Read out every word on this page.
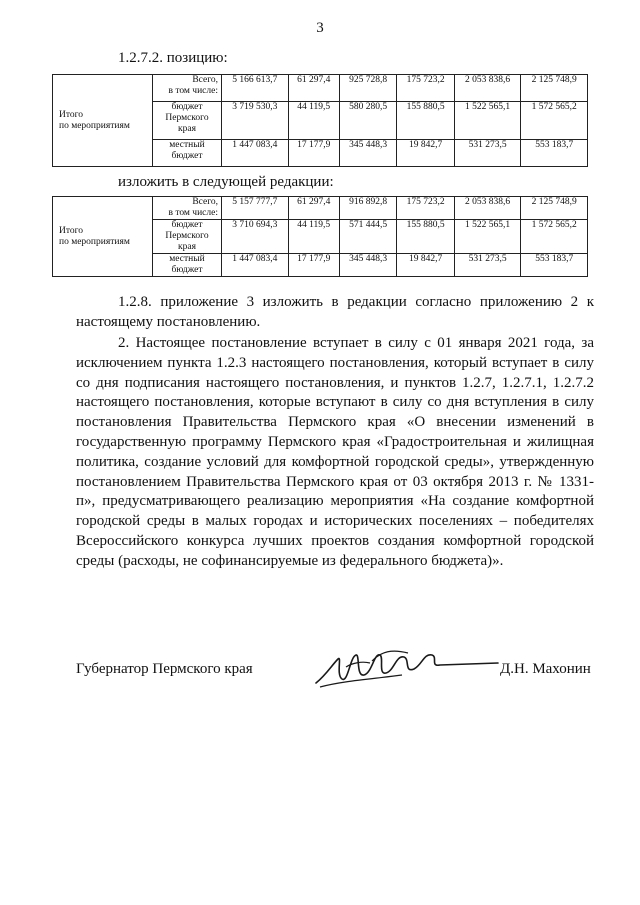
3
1.2.7.2. позицию:
Итого
по мероприятиям	Всего,
в том числе:	5 166 613,7	61 297,4	925 728,8	175 723,2	2 053 838,6	2 125 748,9
	бюджет
Пермского
края	3 719 530,3	44 119,5	580 280,5	155 880,5	1 522 565,1	1 572 565,2
	местный
бюджет	1 447 083,4	17 177,9	345 448,3	19 842,7	531 273,5	553 183,7
изложить в следующей редакции:
Итого
по мероприятиям	Всего,
в том числе:	5 157 777,7	61 297,4	916 892,8	175 723,2	2 053 838,6	2 125 748,9
	бюджет
Пермского
края	3 710 694,3	44 119,5	571 444,5	155 880,5	1 522 565,1	1 572 565,2
	местный
бюджет	1 447 083,4	17 177,9	345 448,3	19 842,7	531 273,5	553 183,7

1.2.8. приложение 3 изложить в редакции согласно приложению 2 к настоящему постановлению.

2. Настоящее постановление вступает в силу с 01 января 2021 года, за исключением пункта 1.2.3 настоящего постановления, который вступает в силу со дня подписания настоящего постановления, и пунктов 1.2.7, 1.2.7.1, 1.2.7.2 настоящего постановления, которые вступают в силу со дня вступления в силу постановления Правительства Пермского края «О внесении изменений в государственную программу Пермского края «Градостроительная и жилищная политика, создание условий для комфортной городской среды», утвержденную постановлением Правительства Пермского края от 03 октября 2013 г. № 1331-п», предусматривающего реализацию мероприятия «На создание комфортной городской среды в малых городах и исторических поселениях – победителях Всероссийского конкурса лучших проектов создания комфортной городской среды (расходы, не софинансируемые из федерального бюджета)».

Губернатор Пермского края	Д.Н. Махонин
